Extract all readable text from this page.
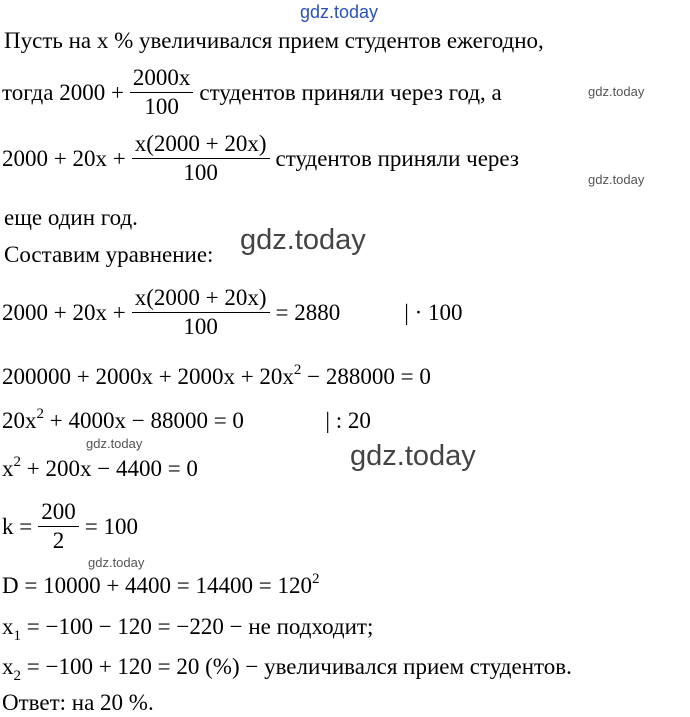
gdz.today
gdz.today
gdz.today
gdz.today
gdz.today	gdz.today
gdz.today
Пусть на x % увеличивался прием студентов ежегодно,
тогда $2000 + \frac{2000x}{100}$ студентов приняли через год, а
$2000 + 20x + \frac{x(2000 + 20x)}{100}$ студентов приняли через
еще один год.
Составим уравнение:
$2000 + 20x + \frac{x(2000 + 20x)}{100} = 2880$	| · 100
$200000 + 2000x + 2000x + 20x^2 - 288000 = 0$
$20x^2 + 4000x - 88000 = 0$	| : 20
$x^2 + 200x - 4400 = 0$
$k = \frac{200}{2} = 100$
$D = 10000 + 4400 = 14400 = 120^2$
$x_1 = -100 - 120 = -220$ − не подходит;
$x_2 = -100 + 120 = 20$ (%) − увеличивался прием студентов.
Ответ: на 20 %.
